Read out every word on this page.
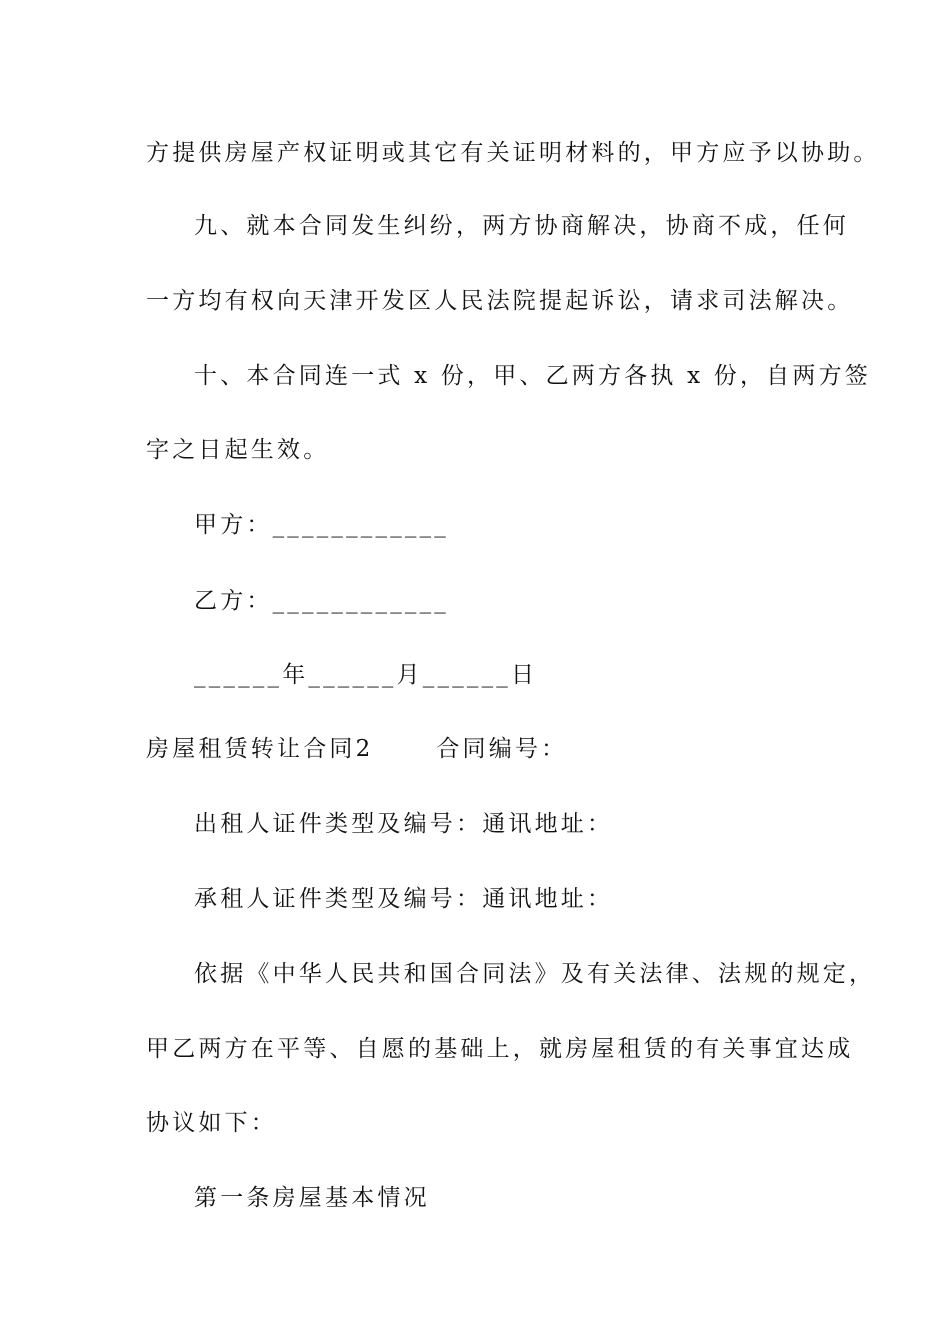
方提供房屋产权证明或其它有关证明材料的，甲方应予以协助。
九、就本合同发生纠纷，两方协商解决，协商不成，任何
一方均有权向天津开发区人民法院提起诉讼，请求司法解决。
十、本合同连一式 x 份，甲、乙两方各执 x 份，自两方签
字之日起生效。
甲方：____________
乙方：____________
______年______月______日
房屋租赁转让合同2 　　合同编号：
出租人证件类型及编号：通讯地址：
承租人证件类型及编号：通讯地址：
依据《中华人民共和国合同法》及有关法律、法规的规定，
甲乙两方在平等、自愿的基础上，就房屋租赁的有关事宜达成
协议如下：
第一条房屋基本情况
